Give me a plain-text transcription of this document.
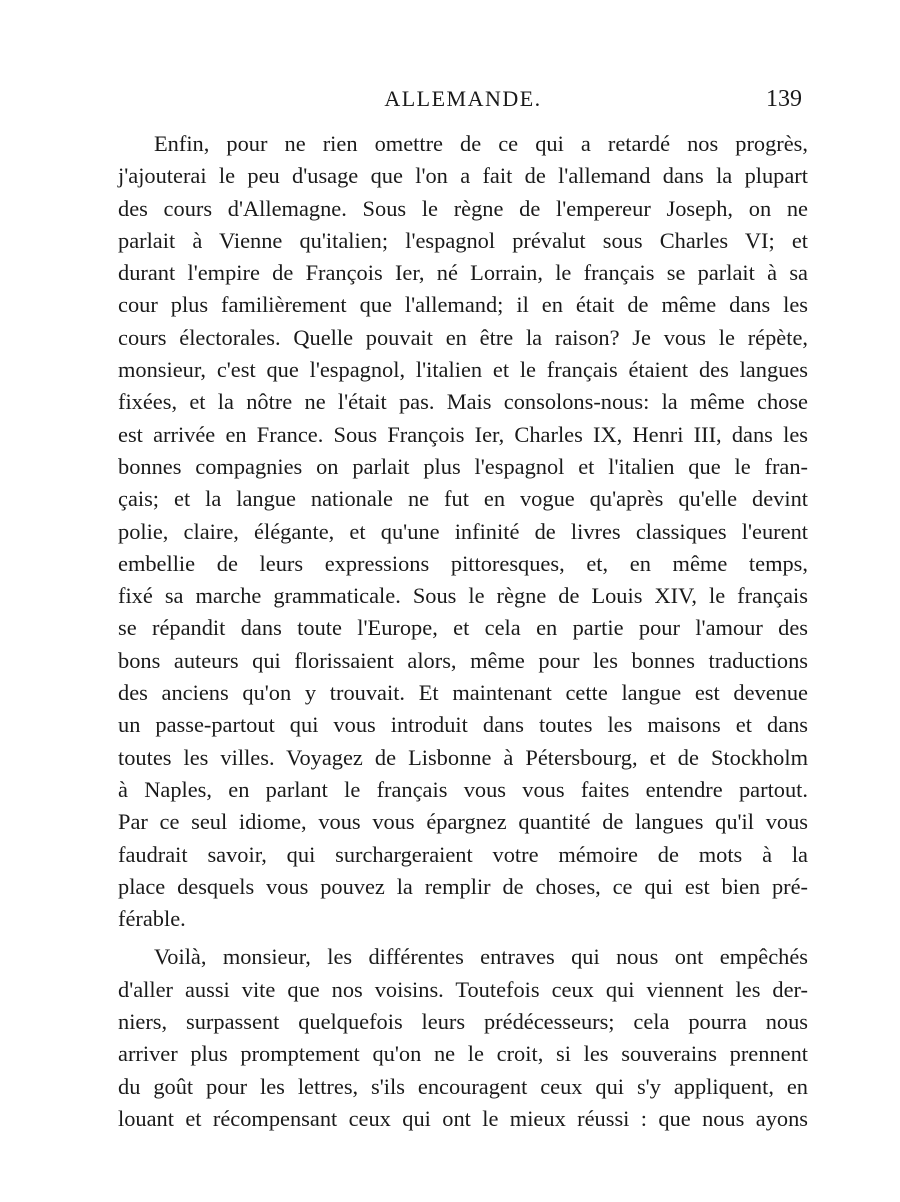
ALLEMANDE.	139
Enfin, pour ne rien omettre de ce qui a retardé nos progrès,
j'ajouterai le peu d'usage que l'on a fait de l'allemand dans la plupart
des cours d'Allemagne. Sous le règne de l'empereur Joseph, on ne
parlait à Vienne qu'italien; l'espagnol prévalut sous Charles VI; et
durant l'empire de François Ier, né Lorrain, le français se parlait à sa
cour plus familièrement que l'allemand; il en était de même dans les
cours électorales. Quelle pouvait en être la raison? Je vous le répète,
monsieur, c'est que l'espagnol, l'italien et le français étaient des langues
fixées, et la nôtre ne l'était pas. Mais consolons-nous: la même chose
est arrivée en France. Sous François Ier, Charles IX, Henri III, dans les
bonnes compagnies on parlait plus l'espagnol et l'italien que le fran-
çais; et la langue nationale ne fut en vogue qu'après qu'elle devint
polie, claire, élégante, et qu'une infinité de livres classiques l'eurent
embellie de leurs expressions pittoresques, et, en même temps,
fixé sa marche grammaticale. Sous le règne de Louis XIV, le français
se répandit dans toute l'Europe, et cela en partie pour l'amour des
bons auteurs qui florissaient alors, même pour les bonnes traductions
des anciens qu'on y trouvait. Et maintenant cette langue est devenue
un passe-partout qui vous introduit dans toutes les maisons et dans
toutes les villes. Voyagez de Lisbonne à Pétersbourg, et de Stockholm
à Naples, en parlant le français vous vous faites entendre partout.
Par ce seul idiome, vous vous épargnez quantité de langues qu'il vous
faudrait savoir, qui surchargeraient votre mémoire de mots à la
place desquels vous pouvez la remplir de choses, ce qui est bien pré-
férable.
Voilà, monsieur, les différentes entraves qui nous ont empêchés
d'aller aussi vite que nos voisins. Toutefois ceux qui viennent les der-
niers, surpassent quelquefois leurs prédécesseurs; cela pourra nous
arriver plus promptement qu'on ne le croit, si les souverains prennent
du goût pour les lettres, s'ils encouragent ceux qui s'y appliquent, en
louant et récompensant ceux qui ont le mieux réussi : que nous ayons
